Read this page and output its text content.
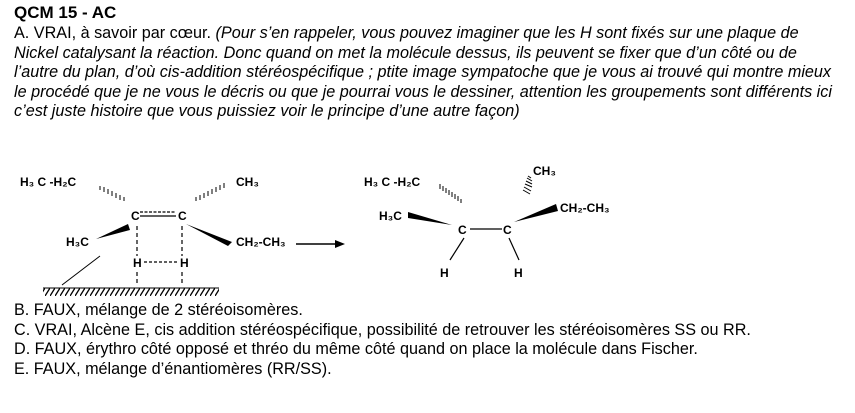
QCM 15 - AC
A. VRAI, à savoir par cœur. (Pour s’en rappeler, vous pouvez imaginer que les H sont fixés sur une plaque de Nickel catalysant la réaction. Donc quand on met la molécule dessus, ils peuvent se fixer que d’un côté ou de l’autre du plan, d’où cis-addition stéréospécifique ; ptite image sympatoche que je vous ai trouvé qui montre mieux le procédé que je ne vous le décris ou que je pourrai vous le dessiner, attention les groupements sont différents ici c’est juste histoire que vous puissiez voir le principe d’une autre façon)
H₃ C -H₂C	CH₃
C	C
H₃C	CH₂-CH₃
H	H
H₃ C -H₂C
H₃C
C	C
H	H
CH₃
CH₂-CH₃
B. FAUX, mélange de 2 stéréoisomères.
C. VRAI, Alcène E, cis addition stéréospécifique, possibilité de retrouver les stéréoisomères SS ou RR.
D. FAUX, érythro côté opposé et thréo du même côté quand on place la molécule dans Fischer.
E. FAUX, mélange d’énantiomères (RR/SS).
